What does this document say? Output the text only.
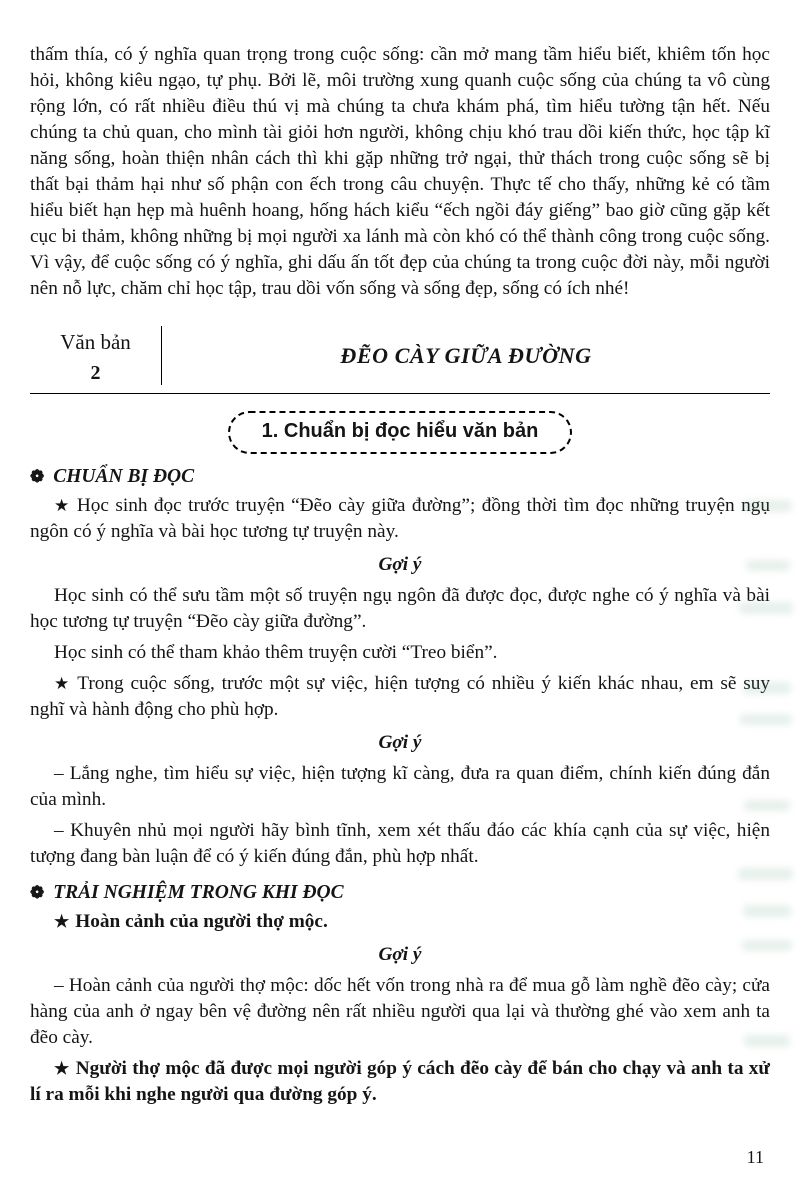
thấm thía, có ý nghĩa quan trọng trong cuộc sống: cần mở mang tầm hiểu biết, khiêm tốn học hỏi, không kiêu ngạo, tự phụ. Bởi lẽ, môi trường xung quanh cuộc sống của chúng ta vô cùng rộng lớn, có rất nhiều điều thú vị mà chúng ta chưa khám phá, tìm hiểu tường tận hết. Nếu chúng ta chủ quan, cho mình tài giỏi hơn người, không chịu khó trau dồi kiến thức, học tập kĩ năng sống, hoàn thiện nhân cách thì khi gặp những trở ngại, thử thách trong cuộc sống sẽ bị thất bại thảm hại như số phận con ếch trong câu chuyện. Thực tế cho thấy, những kẻ có tầm hiểu biết hạn hẹp mà huênh hoang, hống hách kiểu “ếch ngồi đáy giếng” bao giờ cũng gặp kết cục bi thảm, không những bị mọi người xa lánh mà còn khó có thể thành công trong cuộc sống. Vì vậy, để cuộc sống có ý nghĩa, ghi dấu ấn tốt đẹp của chúng ta trong cuộc đời này, mỗi người nên nỗ lực, chăm chỉ học tập, trau dồi vốn sống và sống đẹp, sống có ích nhé!

Văn bản
2
ĐẼO CÀY GIỮA ĐƯỜNG
1. Chuẩn bị đọc hiểu văn bản
❁ CHUẨN BỊ ĐỌC

★ Học sinh đọc trước truyện “Đẽo cày giữa đường”; đồng thời tìm đọc những truyện ngụ ngôn có ý nghĩa và bài học tương tự truyện này.

Gợi ý

Học sinh có thể sưu tầm một số truyện ngụ ngôn đã được đọc, được nghe có ý nghĩa và bài học tương tự truyện “Đẽo cày giữa đường”.

Học sinh có thể tham khảo thêm truyện cười “Treo biển”.

★ Trong cuộc sống, trước một sự việc, hiện tượng có nhiều ý kiến khác nhau, em sẽ suy nghĩ và hành động cho phù hợp.

Gợi ý

– Lắng nghe, tìm hiểu sự việc, hiện tượng kĩ càng, đưa ra quan điểm, chính kiến đúng đắn của mình.

– Khuyên nhủ mọi người hãy bình tĩnh, xem xét thấu đáo các khía cạnh của sự việc, hiện tượng đang bàn luận để có ý kiến đúng đắn, phù hợp nhất.

❁ TRẢI NGHIỆM TRONG KHI ĐỌC

★ Hoàn cảnh của người thợ mộc.

Gợi ý

– Hoàn cảnh của người thợ mộc: dốc hết vốn trong nhà ra để mua gỗ làm nghề đẽo cày; cửa hàng của anh ở ngay bên vệ đường nên rất nhiều người qua lại và thường ghé vào xem anh ta đẽo cày.

★ Người thợ mộc đã được mọi người góp ý cách đẽo cày để bán cho chạy và anh ta xử lí ra mỗi khi nghe người qua đường góp ý.

11
